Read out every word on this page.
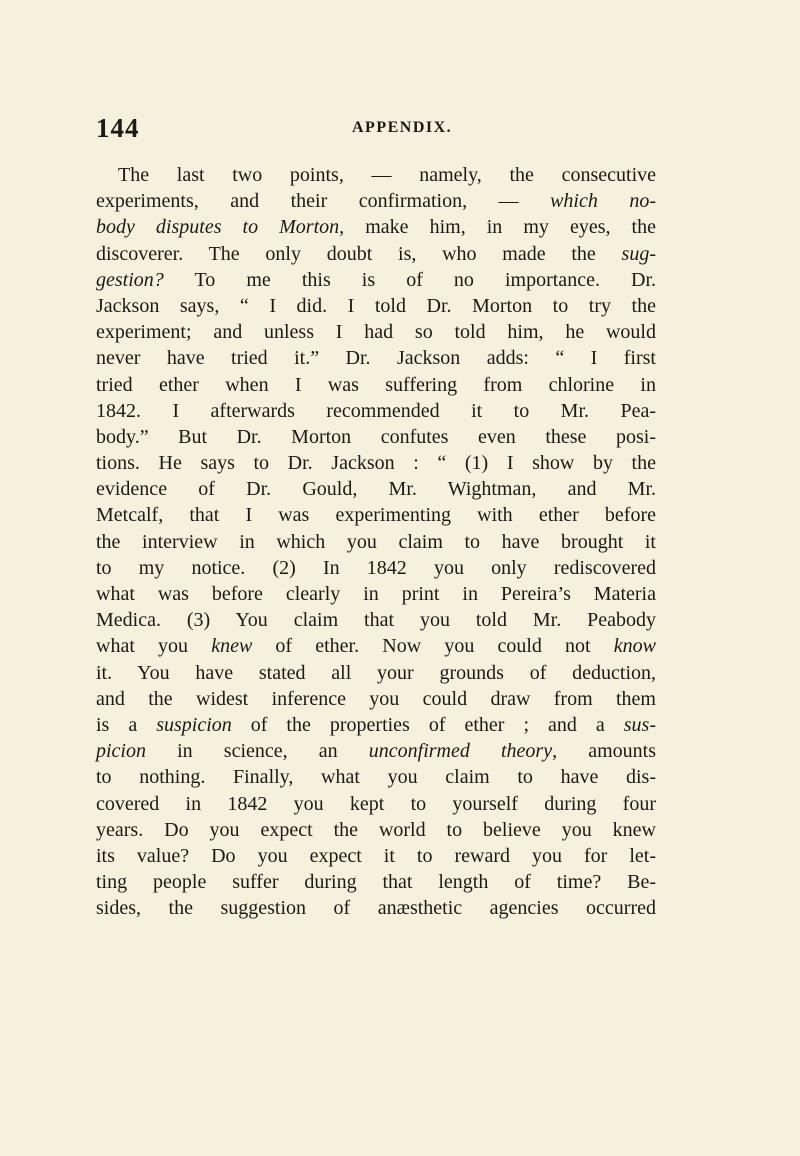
144	APPENDIX.
The last two points, — namely, the consecutive
experiments, and their confirmation, — which no-
body disputes to Morton, make him, in my eyes, the
discoverer. The only doubt is, who made the sug-
gestion? To me this is of no importance. Dr.
Jackson says, “ I did. I told Dr. Morton to try the
experiment; and unless I had so told him, he would
never have tried it.” Dr. Jackson adds: “ I first
tried ether when I was suffering from chlorine in
1842. I afterwards recommended it to Mr. Pea-
body.” But Dr. Morton confutes even these posi-
tions. He says to Dr. Jackson : “ (1) I show by the
evidence of Dr. Gould, Mr. Wightman, and Mr.
Metcalf, that I was experimenting with ether before
the interview in which you claim to have brought it
to my notice. (2) In 1842 you only rediscovered
what was before clearly in print in Pereira’s Materia
Medica. (3) You claim that you told Mr. Peabody
what you knew of ether. Now you could not know
it. You have stated all your grounds of deduction,
and the widest inference you could draw from them
is a suspicion of the properties of ether ; and a sus-
picion in science, an unconfirmed theory, amounts
to nothing. Finally, what you claim to have dis-
covered in 1842 you kept to yourself during four
years. Do you expect the world to believe you knew
its value? Do you expect it to reward you for let-
ting people suffer during that length of time? Be-
sides, the suggestion of anæsthetic agencies occurred
